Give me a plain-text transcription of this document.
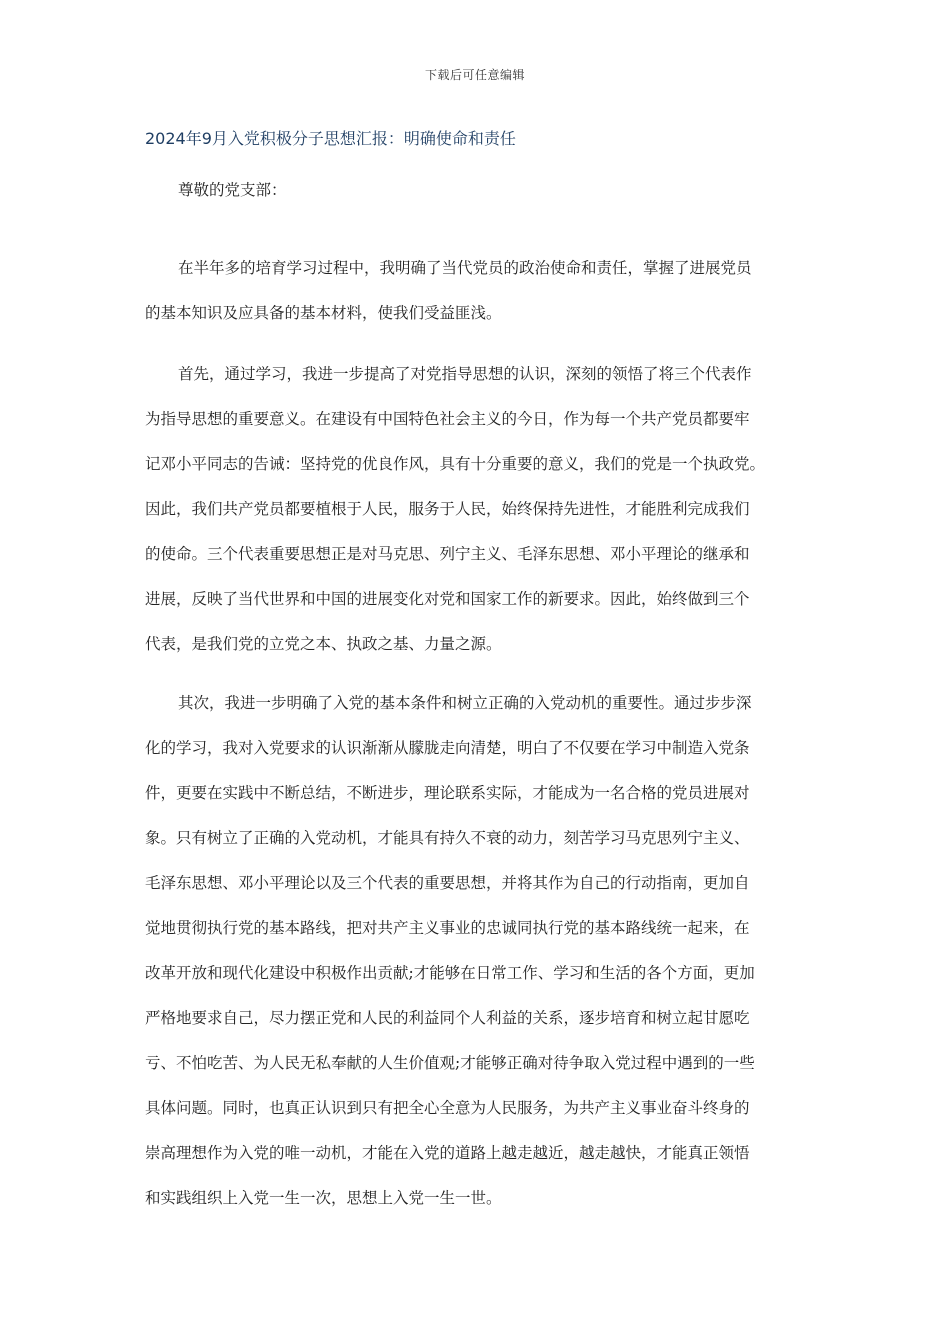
下载后可任意编辑
2024年9月入党积极分子思想汇报：明确使命和责任
尊敬的党支部：
在半年多的培育学习过程中，我明确了当代党员的政治使命和责任，掌握了进展党员
的基本知识及应具备的基本材料，使我们受益匪浅。
首先，通过学习，我进一步提高了对党指导思想的认识，深刻的领悟了将三个代表作
为指导思想的重要意义。在建设有中国特色社会主义的今日，作为每一个共产党员都要牢
记邓小平同志的告诫：坚持党的优良作风，具有十分重要的意义，我们的党是一个执政党。
因此，我们共产党员都要植根于人民，服务于人民，始终保持先进性，才能胜利完成我们
的使命。三个代表重要思想正是对马克思、列宁主义、毛泽东思想、邓小平理论的继承和
进展，反映了当代世界和中国的进展变化对党和国家工作的新要求。因此，始终做到三个
代表，是我们党的立党之本、执政之基、力量之源。
其次，我进一步明确了入党的基本条件和树立正确的入党动机的重要性。通过步步深
化的学习，我对入党要求的认识渐渐从朦胧走向清楚，明白了不仅要在学习中制造入党条
件，更要在实践中不断总结，不断进步，理论联系实际，才能成为一名合格的党员进展对
象。只有树立了正确的入党动机，才能具有持久不衰的动力，刻苦学习马克思列宁主义、
毛泽东思想、邓小平理论以及三个代表的重要思想，并将其作为自己的行动指南，更加自
觉地贯彻执行党的基本路线，把对共产主义事业的忠诚同执行党的基本路线统一起来，在
改革开放和现代化建设中积极作出贡献;才能够在日常工作、学习和生活的各个方面，更加
严格地要求自己，尽力摆正党和人民的利益同个人利益的关系，逐步培育和树立起甘愿吃
亏、不怕吃苦、为人民无私奉献的人生价值观;才能够正确对待争取入党过程中遇到的一些
具体问题。同时，也真正认识到只有把全心全意为人民服务，为共产主义事业奋斗终身的
崇高理想作为入党的唯一动机，才能在入党的道路上越走越近，越走越快，才能真正领悟
和实践组织上入党一生一次，思想上入党一生一世。
